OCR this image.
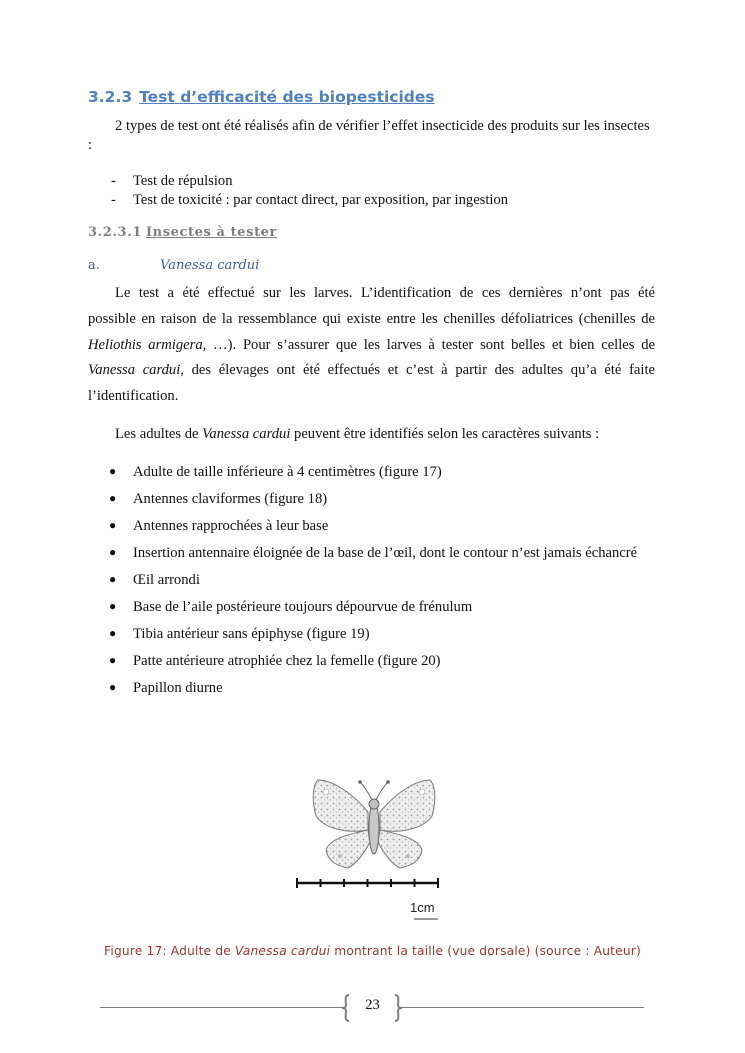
3.2.3 Test d’efficacité des biopesticides
2 types de test ont été réalisés afin de vérifier l’effet insecticide des produits sur les insectes :
- Test de répulsion
- Test de toxicité : par contact direct, par exposition, par ingestion
3.2.3.1 Insectes à tester
a.	Vanessa cardui
Le test a été effectué sur les larves. L’identification de ces dernières n’ont pas été
possible en raison de la ressemblance qui existe entre les chenilles défoliatrices (chenilles de
Heliothis armigera, …). Pour s’assurer que les larves à tester sont belles et bien celles de
Vanessa cardui, des élevages ont été effectués et c’est à partir des adultes qu’a été faite
l’identification.
Les adultes de Vanessa cardui peuvent être identifiés selon les caractères suivants :
● Adulte de taille inférieure à 4 centimètres (figure 17)
● Antennes claviformes (figure 18)
● Antennes rapprochées à leur base
● Insertion antennaire éloignée de la base de l’œil, dont le contour n’est jamais échancré
● Œil arrondi
● Base de l’aile postérieure toujours dépourvue de frénulum
● Tibia antérieur sans épiphyse (figure 19)
● Patte antérieure atrophiée chez la femelle (figure 20)
● Papillon diurne
1cm
Figure 17: Adulte de Vanessa cardui montrant la taille (vue dorsale) (source : Auteur)
23
